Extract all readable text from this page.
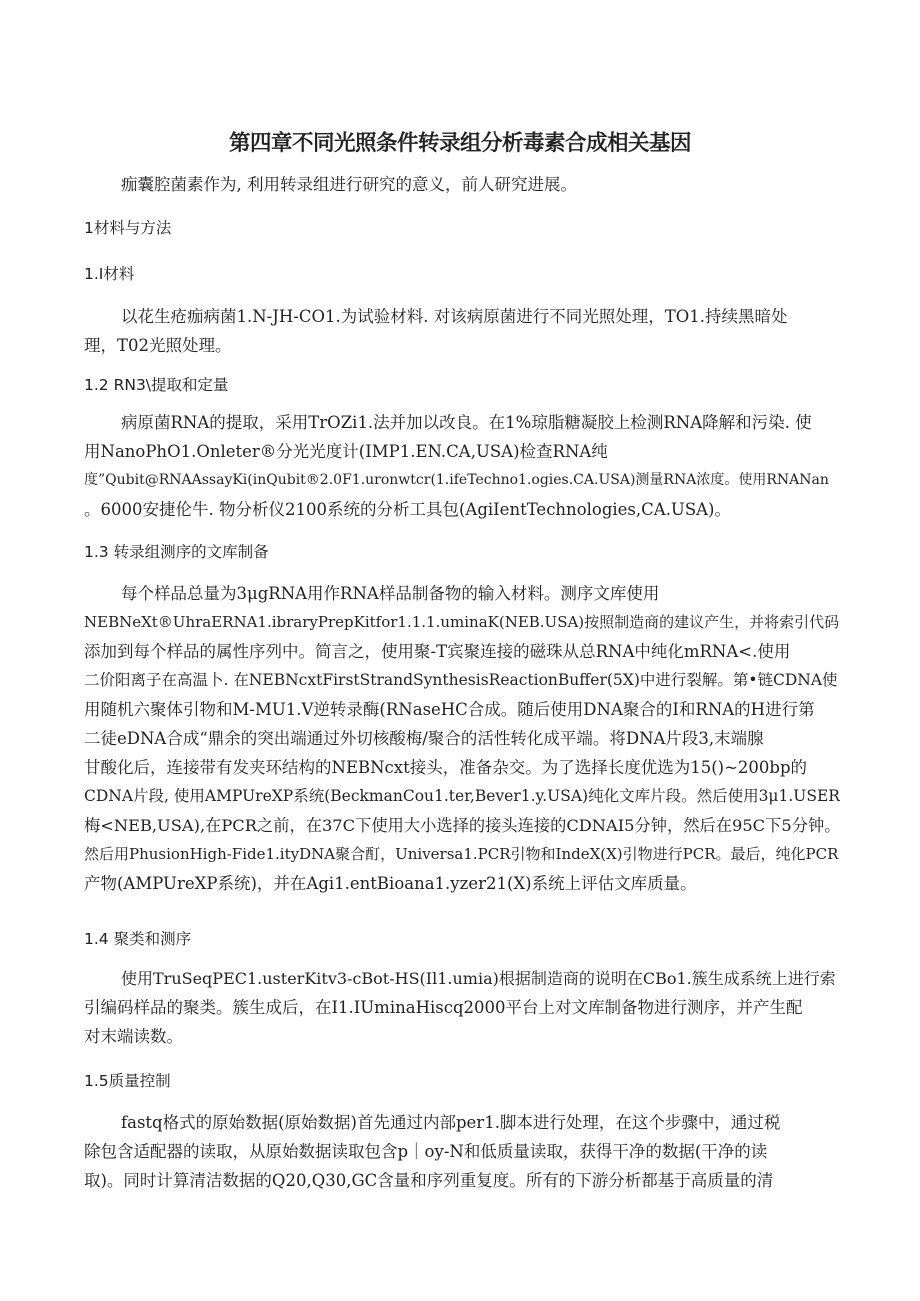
第四章不同光照条件转录组分析毒素合成相关基因

痂囊腔菌素作为, 利用转录组进行研究的意义，前人研究进展。

1材料与方法
1.I材料
以花生疮痂病菌1.N-JH-CO1.为试验材料. 对该病原菌进行不同光照处理，TO1.持续黑暗处
理，T02光照处理。
1.2 RN3\提取和定量
病原菌RNA的提取，采用TrOZi1.法并加以改良。在1%琼脂糖凝胶上检测RNA降解和污染. 使
用NanoPhO1.Onleter®分光光度计(IMP1.EN.CA,USA)检查RNA纯
度”Qubit@RNAAssayKi(inQubit®2.0F1.uronwtcr(1.ifeTechno1.ogies.CA.USA)测量RNA浓度。使用RNANan
。6000安捷伦牛. 物分析仪2100系统的分析工具包(AgiIentTechnologies,CA.USA)。
1.3 转录组测序的文库制备
每个样品总量为3μgRNA用作RNA样品制备物的输入材料。测序文库使用
NEBNeXt®UhraERNA1.ibraryPrepKitfor1.1.1.uminaK(NEB.USA)按照制造商的建议产生，并将索引代码
添加到每个样品的属性序列中。简言之，使用聚-T宾聚连接的磁珠从总RNA中纯化mRNA<.使用
二价阳离子在高温卜. 在NEBNcxtFirstStrandSynthesisReactionBuffer(5X)中进行裂解。第•链CDNA使
用随机六聚体引物和M-MU1.V逆转录酶(RNaseHC合成。随后使用DNA聚合的I和RNA的H进行第
二徒eDNA合成“鼎余的突出端通过外切核酸梅/聚合的活性转化成平端。将DNA片段3,末端腺
甘酸化后，连接带有发夹环结构的NEBNcxt接头，准备杂交。为了选择长度优选为15()~200bp的
CDNA片段, 使用AMPUreXP系统(BeckmanCou1.ter,Bever1.y.USA)纯化文库片段。然后使用3μ1.USER
梅<NEB,USA),在PCR之前，在37C下使用大小选择的接头连接的CDNAI5分钟，然后在95C下5分钟。
然后用PhusionHigh-Fide1.ityDNA聚合酊，Universa1.PCR引物和IndeX(X)引物进行PCR。最后，纯化PCR
产物(AMPUreXP系统)，并在Agi1.entBioana1.yzer21(X)系统上评估文库质量。
1.4 聚类和测序
使用TruSeqPEC1.usterKitv3-cBot-HS(Il1.umia)根据制造商的说明在CBo1.簇生成系统上进行索
引编码样品的聚类。簇生成后，在I1.IUminaHiscq2000平台上对文库制备物进行测序，并产生配
对末端读数。
1.5质量控制
fastq格式的原始数据(原始数据)首先通过内部per1.脚本进行处理，在这个步骤中，通过税
除包含适配器的读取，从原始数据读取包含p｜oy-N和低质量读取，获得干净的数据(干净的读
取)。同时计算清洁数据的Q20,Q30,GC含量和序列重复度。所有的下游分析都基于高质量的清
